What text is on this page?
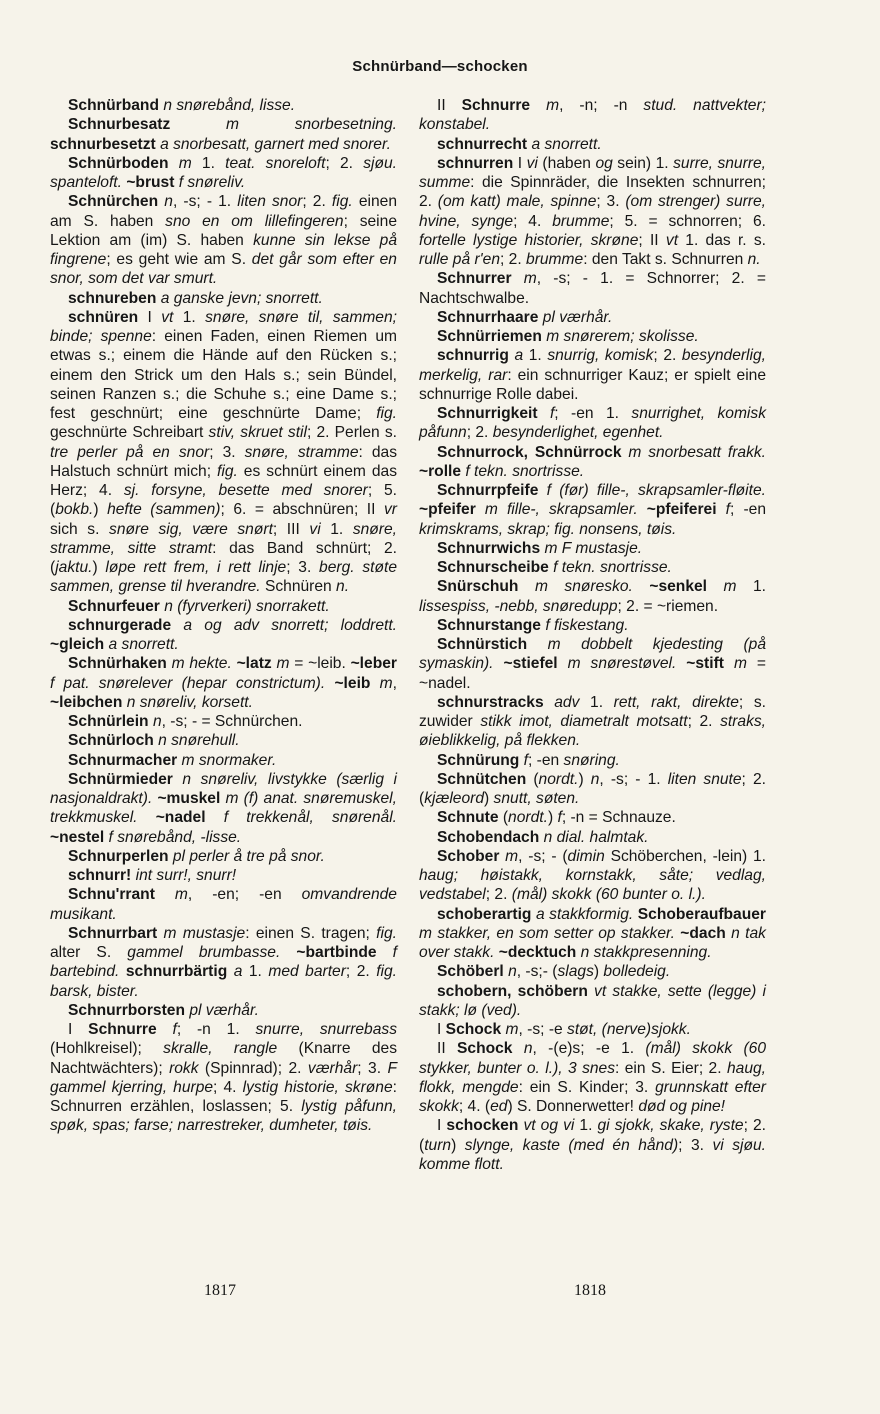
Schnürband—schocken
Schnürband n snørebånd, lisse.
Schnurbesatz	m snorbesetning. schnurbesetzt a snorbesatt, garnert med snorer.
Schnürboden m 1. teat. snoreloft; 2. sjøu. spanteloft. ~brust f snøreliv.
Schnürchen n, -s; - 1. liten snor; 2. fig. einen am S. haben sno en om lillefingeren; seine Lektion am (im) S. haben kunne sin lekse på fingrene; es geht wie am S. det går som efter en snor, som det var smurt.
schnureben a ganske jevn; snorrett.
schnüren I vt 1. snøre, snøre til, sammen; binde; spenne: einen Faden, einen Riemen um etwas s.; einem die Hände auf den Rücken s.; einem den Strick um den Hals s.; sein Bündel, seinen Ranzen s.; die Schuhe s.; eine Dame s.; fest geschnürt; eine geschnürte Dame; fig. geschnürte Schreibart stiv, skruet stil; 2. Perlen s. tre perler på en snor; 3. snøre, stramme: das Halstuch schnürt mich; fig. es schnürt einem das Herz; 4. sj. forsyne, besette med snorer; 5. (bokb.) hefte (sammen); 6. = abschnüren; II vr sich s. snøre sig, være snørt; III vi 1. snøre, stramme, sitte stramt: das Band schnürt; 2. (jaktu.) løpe rett frem, i rett linje; 3. berg. støte sammen, grense til hverandre. Schnüren n.
Schnurfeuer n (fyrverkeri) snorrakett.
schnurgerade a og adv snorrett; loddrett. ~gleich a snorrett.
Schnürhaken m hekte. ~latz m = ~leib. ~leber f pat. snørelever (hepar constrictum). ~leib m, ~leibchen n snøreliv, korsett.
Schnürlein n, -s; - = Schnürchen.
Schnürloch n snørehull.
Schnurmacher m snormaker.
Schnürmieder n snøreliv, livstykke (særlig i nasjonaldrakt). ~muskel m (f) anat. snøremuskel, trekkmuskel. ~nadel f trekkenål, snørenål. ~nestel f snørebånd, -lisse.
Schnurperlen pl perler å tre på snor.
schnurr! int surr!, snurr!
Schnu'rrant m, -en; -en omvandrende musikant.
Schnurrbart m mustasje: einen S. tragen; fig. alter S. gammel brumbasse. ~bartbinde f bartebind. schnurrbärtig a 1. med barter; 2. fig. barsk, bister.
Schnurrborsten pl værhår.
I Schnurre f; -n 1. snurre, snurrebass (Hohlkreisel); skralle, rangle (Knarre des Nachtwächters); rokk (Spinnrad); 2. værhår; 3. F gammel kjerring, hurpe; 4. lystig historie, skrøne: Schnurren erzählen, loslassen; 5. lystig påfunn, spøk, spas; farse; narrestreker, dumheter, tøis.
II Schnurre m, -n; -n stud. nattvekter; konstabel.
schnurrecht a snorrett.
schnurren I vi (haben og sein) 1. surre, snurre, summe: die Spinnräder, die Insekten schnurren; 2. (om katt) male, spinne; 3. (om strenger) surre, hvine, synge; 4. brumme; 5. = schnorren; 6. fortelle lystige historier, skrøne; II vt 1. das r. s. rulle på r'en; 2. brumme: den Takt s. Schnurren n.
Schnurrer m, -s; - 1. = Schnorrer; 2. = Nachtschwalbe.
Schnurrhaare pl værhår.
Schnürriemen m snørerem; skolisse.
schnurrig a 1. snurrig, komisk; 2. besynderlig, merkelig, rar: ein schnurriger Kauz; er spielt eine schnurrige Rolle dabei.
Schnurrigkeit f; -en 1. snurrighet, komisk påfunn; 2. besynderlighet, egenhet.
Schnurrock, Schnürrock m snorbesatt frakk. ~rolle f tekn. snortrisse.
Schnurrpfeife f (før) fille-, skrapsamler-fløite. ~pfeifer m fille-, skrapsamler. ~pfeiferei f; -en krimskrams, skrap; fig. nonsens, tøis.
Schnurrwichs m F mustasje.
Schnurscheibe f tekn. snortrisse.
Snürschuh m snøresko. ~senkel m 1. lissespiss, -nebb, snøredupp; 2. = ~riemen.
Schnurstange f fiskestang.
Schnürstich m dobbelt kjedesting (på symaskin). ~stiefel m snørestøvel. ~stift m = ~nadel.
schnurstracks adv 1. rett, rakt, direkte; s. zuwider stikk imot, diametralt motsatt; 2. straks, øieblikkelig, på flekken.
Schnürung f; -en snøring.
Schnütchen (nordt.) n, -s; - 1. liten snute; 2. (kjæleord) snutt, søten.
Schnute (nordt.) f; -n = Schnauze.
Schobendach n dial. halmtak.
Schober m, -s; - (dimin Schöberchen, -lein) 1. haug; høistakk, kornstakk, såte; vedlag, vedstabel; 2. (mål) skokk (60 bunter o. l.).
schoberartig a stakkformig. Schoberaufbauer m stakker, en som setter op stakker. ~dach n tak over stakk. ~decktuch n stakkpresenning.
Schöberl n, -s;- (slags) bolledeig.
schobern, schöbern vt stakke, sette (legge) i stakk; lø (ved).
I Schock m, -s; -e støt, (nerve)sjokk.
II Schock n, -(e)s; -e 1. (mål) skokk (60 stykker, bunter o. l.), 3 snes: ein S. Eier; 2. haug, flokk, mengde: ein S. Kinder; 3. grunnskatt efter skokk; 4. (ed) S. Donnerwetter! død og pine!
I schocken vt og vi 1. gi sjokk, skake, ryste; 2. (turn) slynge, kaste (med én hånd); 3. vi sjøu. komme flott.
1817	1818
